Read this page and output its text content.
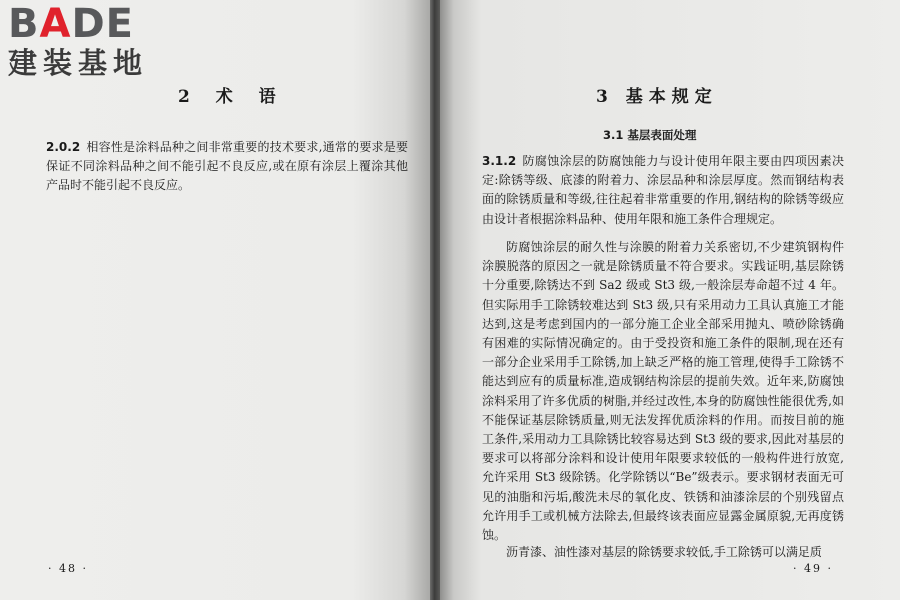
BADE
建装基地
2 术 语
2.0.2 相容性是涂料品种之间非常重要的技术要求,通常的要求是要保证不同涂料品种之间不能引起不良反应,或在原有涂层上覆涂其他产品时不能引起不良反应。
· 48 ·
3 基本规定
3.1 基层表面处理
3.1.2 防腐蚀涂层的防腐蚀能力与设计使用年限主要由四项因素决定:除锈等级、底漆的附着力、涂层品种和涂层厚度。然而钢结构表面的除锈质量和等级,往往起着非常重要的作用,钢结构的除锈等级应由设计者根据涂料品种、使用年限和施工条件合理规定。
防腐蚀涂层的耐久性与涂膜的附着力关系密切,不少建筑钢构件涂膜脱落的原因之一就是除锈质量不符合要求。实践证明,基层除锈十分重要,除锈达不到 Sa2 级或 St3 级,一般涂层寿命超不过 4 年。但实际用手工除锈较难达到 St3 级,只有采用动力工具认真施工才能达到,这是考虑到国内的一部分施工企业全部采用抛丸、喷砂除锈确有困难的实际情况确定的。由于受投资和施工条件的限制,现在还有一部分企业采用手工除锈,加上缺乏严格的施工管理,使得手工除锈不能达到应有的质量标准,造成钢结构涂层的提前失效。近年来,防腐蚀涂料采用了许多优质的树脂,并经过改性,本身的防腐蚀性能很优秀,如不能保证基层除锈质量,则无法发挥优质涂料的作用。而按目前的施工条件,采用动力工具除锈比较容易达到 St3 级的要求,因此对基层的要求可以将部分涂料和设计使用年限要求较低的一般构件进行放宽,允许采用 St3 级除锈。化学除锈以“Be”级表示。要求钢材表面无可见的油脂和污垢,酸洗未尽的氧化皮、铁锈和油漆涂层的个别残留点允许用手工或机械方法除去,但最终该表面应显露金属原貌,无再度锈蚀。
沥青漆、油性漆对基层的除锈要求较低,手工除锈可以满足质
· 49 ·
